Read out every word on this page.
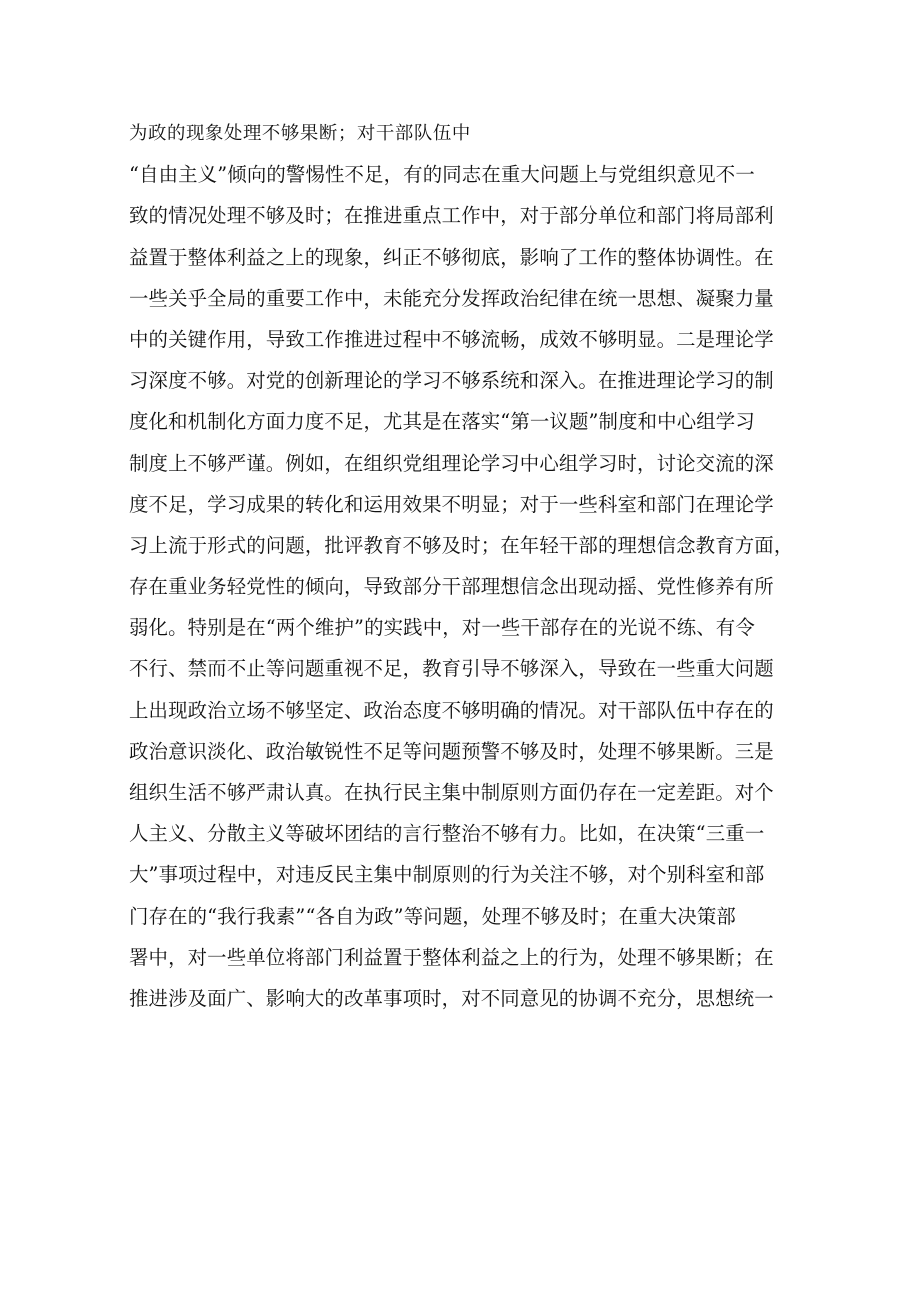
为政的现象处理不够果断；对干部队伍中
“自由主义”倾向的警惕性不足，有的同志在重大问题上与党组织意见不一
致的情况处理不够及时；在推进重点工作中，对于部分单位和部门将局部利
益置于整体利益之上的现象，纠正不够彻底，影响了工作的整体协调性。在
一些关乎全局的重要工作中，未能充分发挥政治纪律在统一思想、凝聚力量
中的关键作用，导致工作推进过程中不够流畅，成效不够明显。二是理论学
习深度不够。对党的创新理论的学习不够系统和深入。在推进理论学习的制
度化和机制化方面力度不足，尤其是在落实“第一议题”制度和中心组学习
制度上不够严谨。例如，在组织党组理论学习中心组学习时，讨论交流的深
度不足，学习成果的转化和运用效果不明显；对于一些科室和部门在理论学
习上流于形式的问题，批评教育不够及时；在年轻干部的理想信念教育方面，
存在重业务轻党性的倾向，导致部分干部理想信念出现动摇、党性修养有所
弱化。特别是在“两个维护”的实践中，对一些干部存在的光说不练、有令
不行、禁而不止等问题重视不足，教育引导不够深入，导致在一些重大问题
上出现政治立场不够坚定、政治态度不够明确的情况。对干部队伍中存在的
政治意识淡化、政治敏锐性不足等问题预警不够及时，处理不够果断。三是
组织生活不够严肃认真。在执行民主集中制原则方面仍存在一定差距。对个
人主义、分散主义等破坏团结的言行整治不够有力。比如，在决策“三重一
大”事项过程中，对违反民主集中制原则的行为关注不够，对个别科室和部
门存在的“我行我素”“各自为政”等问题，处理不够及时；在重大决策部
署中，对一些单位将部门利益置于整体利益之上的行为，处理不够果断；在
推进涉及面广、影响大的改革事项时，对不同意见的协调不充分，思想统一
